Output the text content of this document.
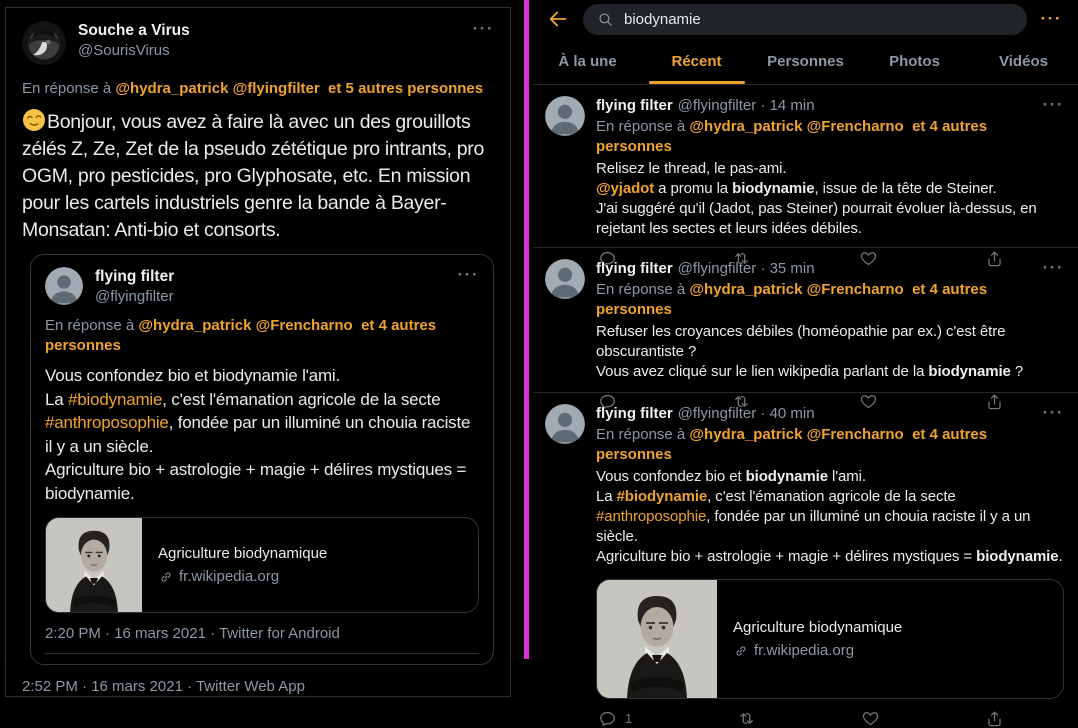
Souche a Virus
@SourisVirus
···
En réponse à @hydra_patrick @flyingfilter  et 5 autres personnes
Bonjour, vous avez à faire là avec un des grouillots zélés Z, Ze, Zet de la pseudo zététique pro intrants, pro OGM, pro pesticides, pro Glyphosate, etc. En mission pour les cartels industriels genre la bande à Bayer-Monsatan: Anti-bio et consorts.
flying filter
@flyingfilter
···
En réponse à @hydra_patrick @Frencharno  et 4 autres personnes
Vous confondez bio et biodynamie l'ami.
La #biodynamie, c'est l'émanation agricole de la secte #anthroposophie, fondée par un illuminé un chouia raciste il y a un siècle.
Agriculture bio + astrologie + magie + délires mystiques = biodynamie.
Agriculture biodynamique
fr.wikipedia.org
2:20 PM · 16 mars 2021 · Twitter for Android
2:52 PM · 16 mars 2021 · Twitter Web App
biodynamie
···
À la une	Récent	Personnes	Photos	Vidéos
flying filter @flyingfilter · 14 min	···
En réponse à @hydra_patrick @Frencharno  et 4 autres personnes
Relisez le thread, le pas-ami.
@yjadot a promu la biodynamie, issue de la tête de Steiner.
J'ai suggéré qu'il (Jadot, pas Steiner) pourrait évoluer là-dessus, en rejetant les sectes et leurs idées débiles.
flying filter @flyingfilter · 35 min	···
En réponse à @hydra_patrick @Frencharno  et 4 autres personnes
Refuser les croyances débiles (homéopathie par ex.) c'est être obscurantiste ?
Vous avez cliqué sur le lien wikipedia parlant de la biodynamie ?
flying filter @flyingfilter · 40 min	···
En réponse à @hydra_patrick @Frencharno  et 4 autres personnes
Vous confondez bio et biodynamie l'ami.
La #biodynamie, c'est l'émanation agricole de la secte #anthroposophie, fondée par un illuminé un chouia raciste il y a un siècle.
Agriculture bio + astrologie + magie + délires mystiques = biodynamie.
Agriculture biodynamique
fr.wikipedia.org
1
